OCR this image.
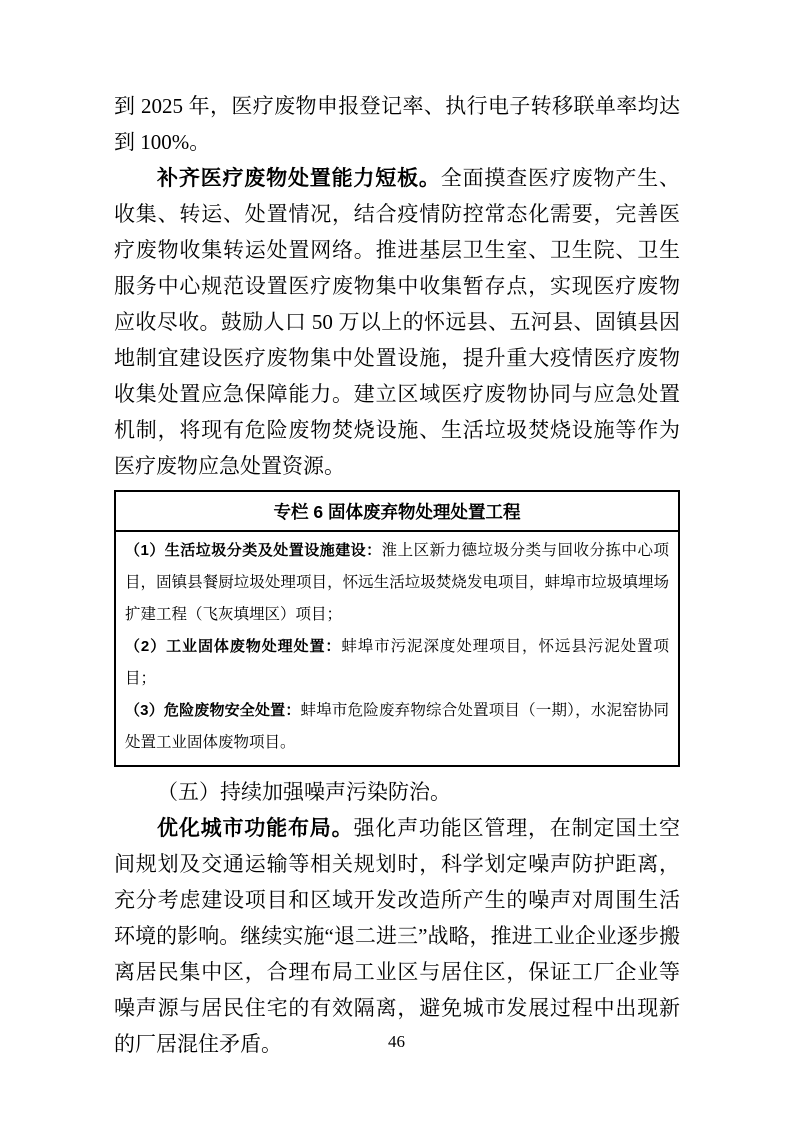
到 2025 年，医疗废物申报登记率、执行电子转移联单率均达到 100%。

补齐医疗废物处置能力短板。全面摸查医疗废物产生、收集、转运、处置情况，结合疫情防控常态化需要，完善医疗废物收集转运处置网络。推进基层卫生室、卫生院、卫生服务中心规范设置医疗废物集中收集暂存点，实现医疗废物应收尽收。鼓励人口 50 万以上的怀远县、五河县、固镇县因地制宜建设医疗废物集中处置设施，提升重大疫情医疗废物收集处置应急保障能力。建立区域医疗废物协同与应急处置机制，将现有危险废物焚烧设施、生活垃圾焚烧设施等作为医疗废物应急处置资源。

专栏 6 固体废弃物处理处置工程

（1）生活垃圾分类及处置设施建设：淮上区新力德垃圾分类与回收分拣中心项目，固镇县餐厨垃圾处理项目，怀远生活垃圾焚烧发电项目，蚌埠市垃圾填埋场扩建工程（飞灰填埋区）项目；

（2）工业固体废物处理处置：蚌埠市污泥深度处理项目，怀远县污泥处置项目；

（3）危险废物安全处置：蚌埠市危险废弃物综合处置项目（一期），水泥窑协同处置工业固体废物项目。

（五）持续加强噪声污染防治。

优化城市功能布局。强化声功能区管理，在制定国土空间规划及交通运输等相关规划时，科学划定噪声防护距离，充分考虑建设项目和区域开发改造所产生的噪声对周围生活环境的影响。继续实施“退二进三”战略，推进工业企业逐步搬离居民集中区，合理布局工业区与居住区，保证工厂企业等噪声源与居民住宅的有效隔离，避免城市发展过程中出现新的厂居混住矛盾。	46
